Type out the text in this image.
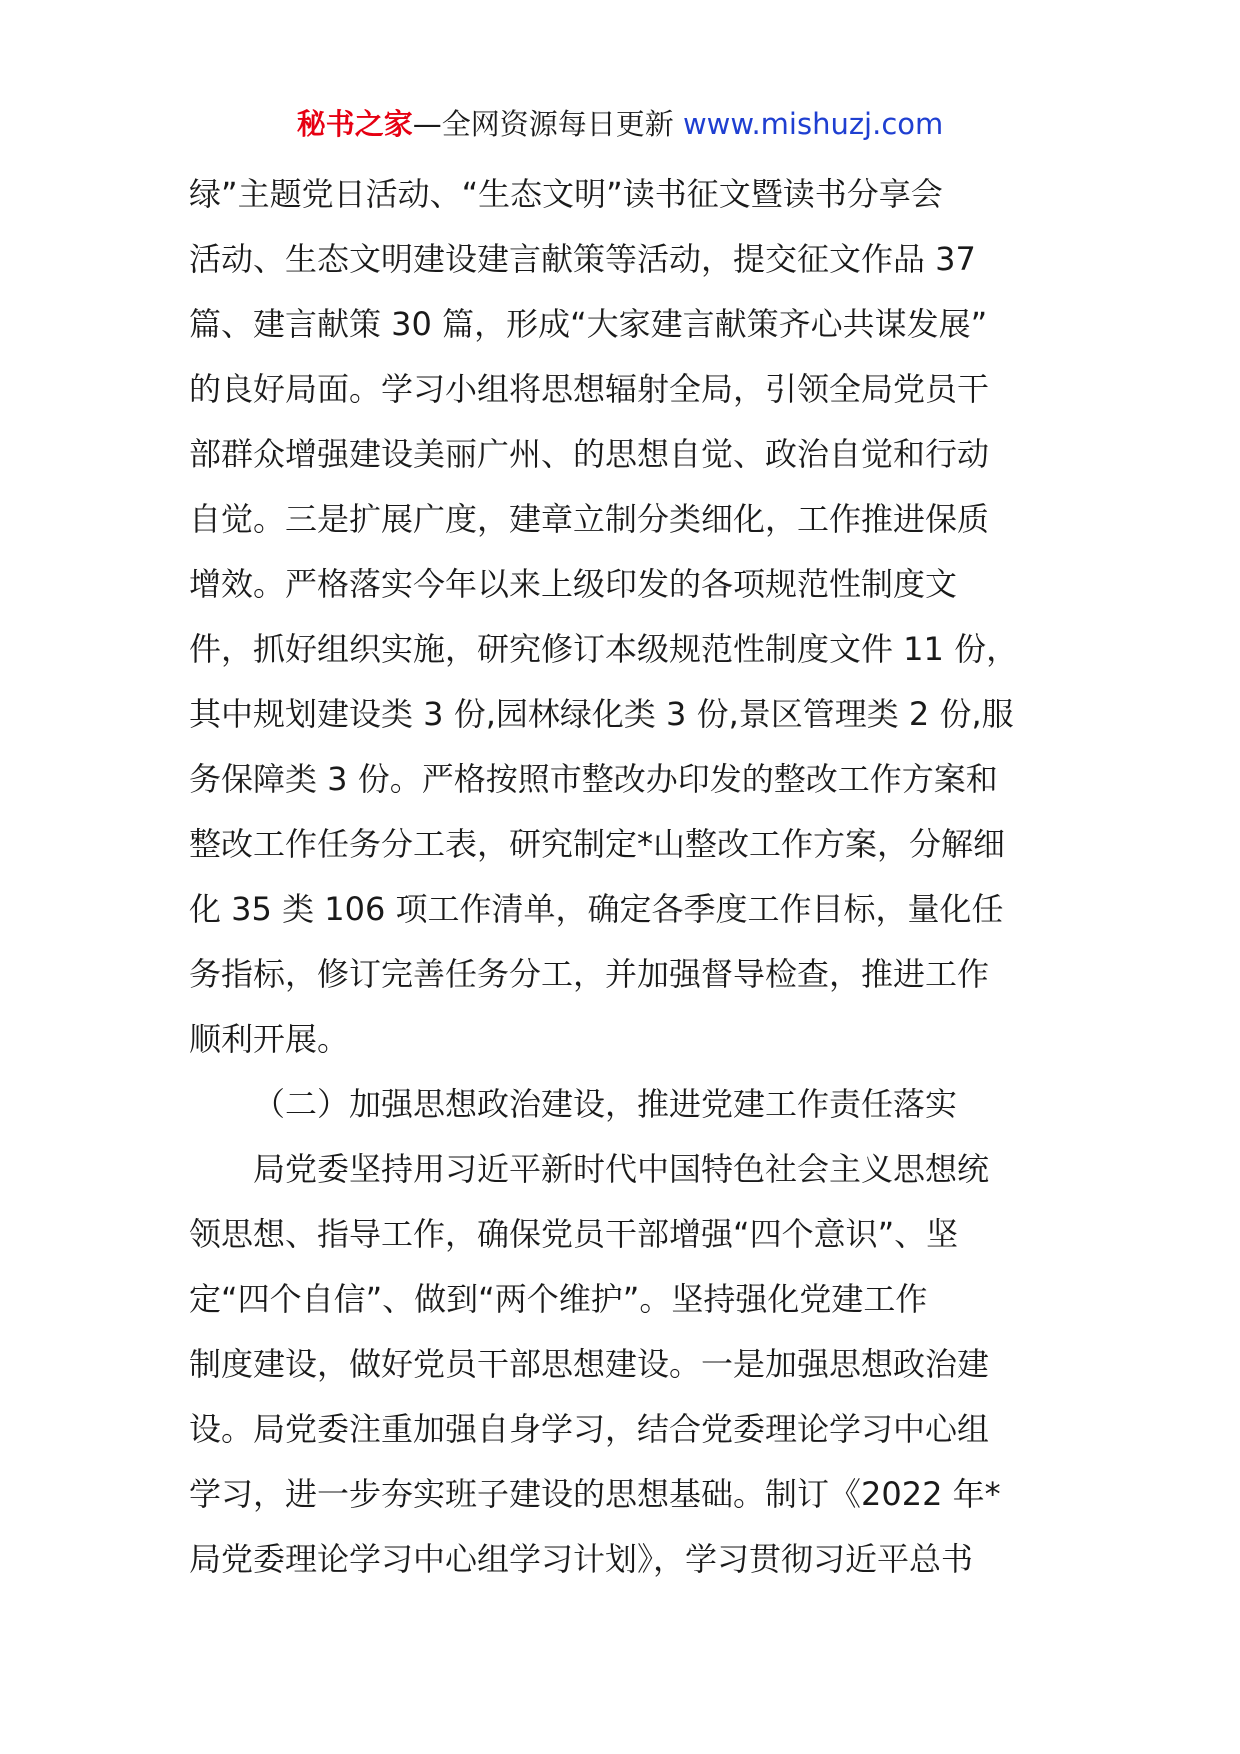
秘书之家—全网资源每日更新 www.mishuzj.com
绿”主题党日活动、“生态文明”读书征文暨读书分享会
活动、生态文明建设建言献策等活动，提交征文作品 37
篇、建言献策 30 篇，形成“大家建言献策齐心共谋发展”
的良好局面。学习小组将思想辐射全局，引领全局党员干
部群众增强建设美丽广州、的思想自觉、政治自觉和行动
自觉。三是扩展广度，建章立制分类细化，工作推进保质
增效。严格落实今年以来上级印发的各项规范性制度文
件，抓好组织实施，研究修订本级规范性制度文件 11 份，
其中规划建设类 3 份,园林绿化类 3 份,景区管理类 2 份,服
务保障类 3 份。严格按照市整改办印发的整改工作方案和
整改工作任务分工表，研究制定*山整改工作方案，分解细
化 35 类 106 项工作清单，确定各季度工作目标，量化任
务指标，修订完善任务分工，并加强督导检查，推进工作
顺利开展。
（二）加强思想政治建设，推进党建工作责任落实
局党委坚持用习近平新时代中国特色社会主义思想统
领思想、指导工作，确保党员干部增强“四个意识”、坚
定“四个自信”、做到“两个维护”。坚持强化党建工作
制度建设，做好党员干部思想建设。一是加强思想政治建
设。局党委注重加强自身学习，结合党委理论学习中心组
学习，进一步夯实班子建设的思想基础。制订《2022 年*
局党委理论学习中心组学习计划》，学习贯彻习近平总书
